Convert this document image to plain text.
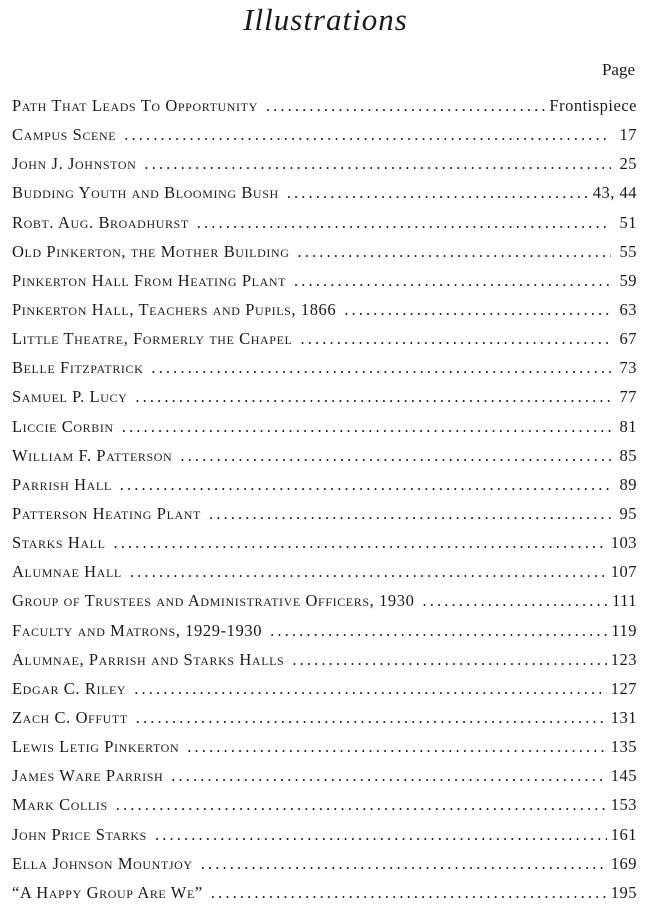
Illustrations
Page
Path That Leads To Opportunity . . .	Frontispiece
Campus Scene . . .	17
John J. Johnston . . .	25
Budding Youth and Blooming Bush . . .	43, 44
Robt. Aug. Broadhurst . . .	51
Old Pinkerton, the Mother Building . . .	55
Pinkerton Hall From Heating Plant . . .	59
Pinkerton Hall, Teachers and Pupils, 1866 . . .	63
Little Theatre, Formerly the Chapel . . .	67
Belle Fitzpatrick . . .	73
Samuel P. Lucy . . .	77
Liccie Corbin . . .	81
William F. Patterson . . .	85
Parrish Hall . . .	89
Patterson Heating Plant . . .	95
Starks Hall . . .	103
Alumnae Hall . . .	107
Group of Trustees and Administrative Officers, 1930 . . .	111
Faculty and Matrons, 1929-1930 . . .	119
Alumnae, Parrish and Starks Halls . . .	123
Edgar C. Riley . . .	127
Zach C. Offutt . . .	131
Lewis Letig Pinkerton . . .	135
James Ware Parrish . . .	145
Mark Collis . . .	153
John Price Starks . . .	161
Ella Johnson Mountjoy . . .	169
“A Happy Group Are We” . . .	195
